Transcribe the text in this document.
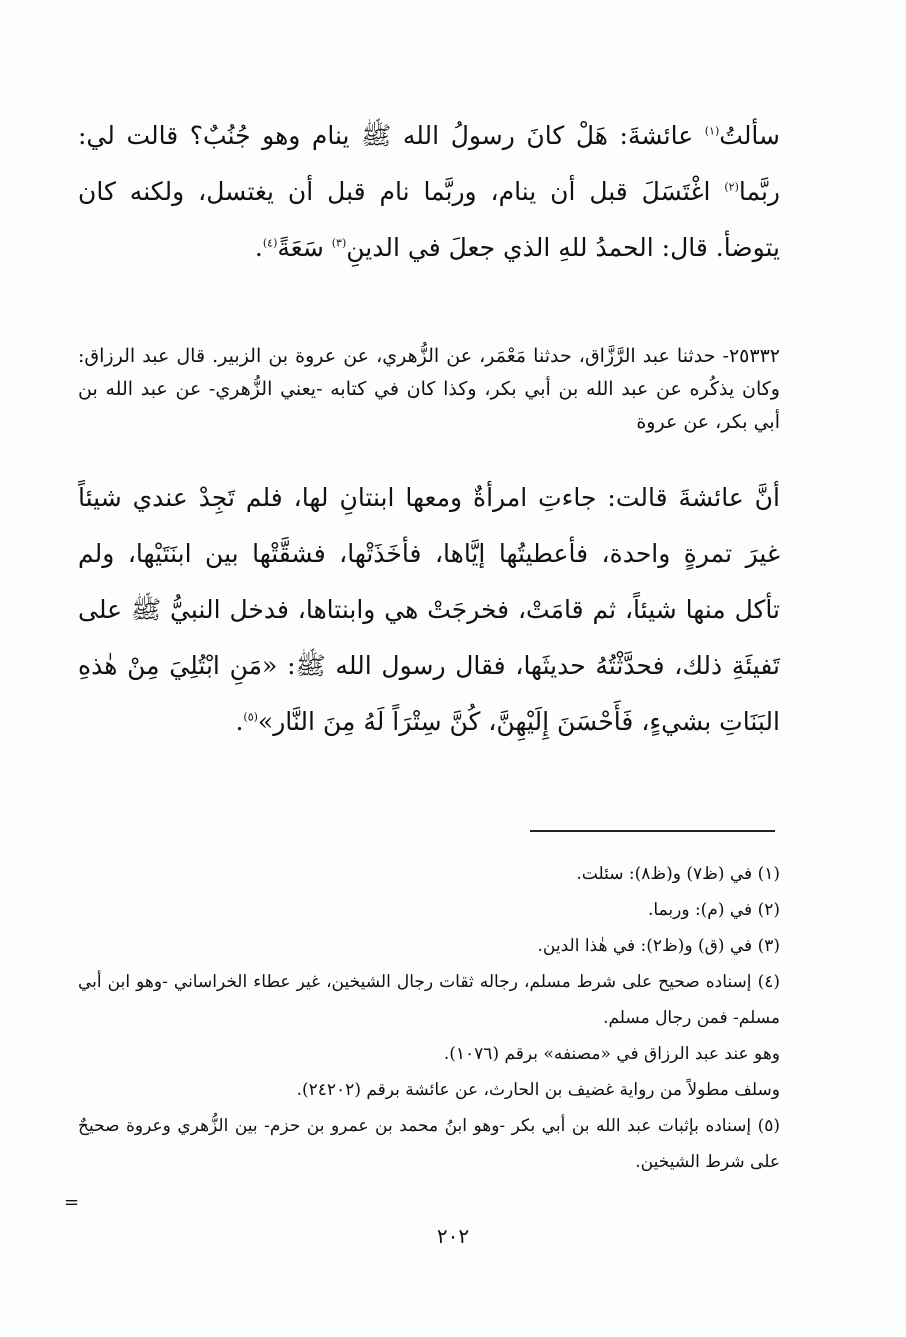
سألتُ$^{(١)}$ عائشةَ: هَلْ كانَ رسولُ الله ﷺ ينام وهو جُنُبٌ؟ قالت لي: ربَّما$^{(٢)}$ اغْتَسَلَ قبل أن ينام، وربَّما نام قبل أن يغتسل، ولكنه كان يتوضأ. قال: الحمدُ للهِ الذي جعلَ في الدينِ$^{(٣)}$ سَعَةً$^{(٤)}$.
٢٥٣٣٢- حدثنا عبد الرَّزَّاق، حدثنا مَعْمَر، عن الزُّهري، عن عروة بن الزبير. قال عبد الرزاق: وكان يذكُره عن عبد الله بن أبي بكر، وكذا كان في كتابه -يعني الزُّهري- عن عبد الله بن أبي بكر، عن عروة
أنَّ عائشةَ قالت: جاءتِ امرأةٌ ومعها ابنتانِ لها، فلم تَجِدْ عندي شيئاً غيرَ تمرةٍ واحدة، فأعطيتُها إيَّاها، فأخَذَتْها، فشقَّتْها بين ابنَتَيْها، ولم تأكل منها شيئاً، ثم قامَتْ، فخرجَتْ هي وابنتاها، فدخل النبيُّ ﷺ على تَفيئَةِ ذلك، فحدَّثْتُهُ حديثَها، فقال رسول الله ﷺ: «مَنِ ابْتُلِيَ مِنْ هٰذهِ البَنَاتِ بشيءٍ، فَأَحْسَنَ إِلَيْهِنَّ، كُنَّ سِتْرَاً لَهُ مِنَ النَّار»$^{(٥)}$.

(١) في (ظ٧) و(ظ٨): سئلت.

(٢) في (م): وربما.

(٣) في (ق) و(ظ٢): في هٰذا الدين.

(٤) إسناده صحيح على شرط مسلم، رجاله ثقات رجال الشيخين، غير عطاء الخراساني -وهو ابن أبي مسلم- فمن رجال مسلم.

وهو عند عبد الرزاق في «مصنفه» برقم (١٠٧٦).

وسلف مطولاً من رواية غضيف بن الحارث، عن عائشة برقم (٢٤٢٠٢).

(٥) إسناده بإثبات عبد الله بن أبي بكر -وهو ابنُ محمد بن عمرو بن حزم- بين الزُّهري وعروة صحيحٌ على شرط الشيخين.

=
٢٠٢
